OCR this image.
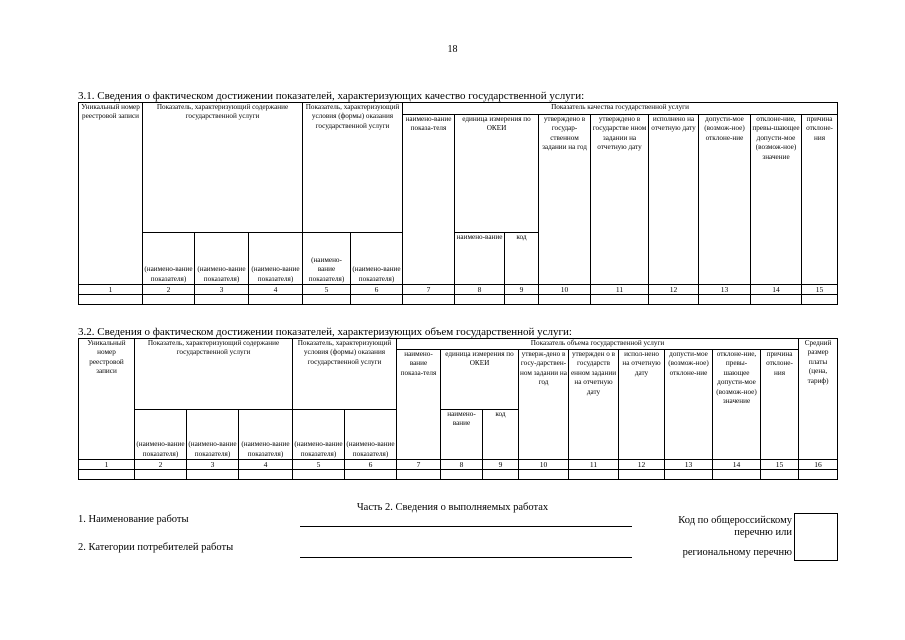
18
3.1. Сведения о фактическом достижении показателей, характеризующих качество государственной услуги:
Уникальный номер реестровой записи	Показатель, характеризующий содержание государственной услуги			Показатель, характеризующий условия (формы) оказания государственной услуги		Показатель качества государственной услуги								
						наимено-вание показа-теля	единица измерения по ОКЕИ		утверждено в государ-ственном задании на год	утверждено в государстве нном задании на отчетную дату	исполнено на отчетную дату	допусти-мое (возмож-ное) отклоне-ние	отклоне-ние, превы-шающее допусти-мое (возмож-ное) значение	причина отклоне-ния
	(наимено-вание показателя)	(наимено-вание показателя)	(наимено-вание показателя)	(наимено-вание показателя)	(наимено-вание показателя)		наимено-вание	код						
1	2	3	4	5	6	7	8	9	10	11	12	13	14	15

3.2. Сведения о фактическом достижении показателей, характеризующих объем государственной услуги:
Уникальный номер реестровой записи	Показатель, характеризующий содержание государственной услуги			Показатель, характеризующий условия (формы) оказания государственной услуги		Показатель объема государственной услуги									Средний размер платы (цена, тариф)
						наимено-вание показа-теля	единица измерения по ОКЕИ		утверж-дено в госу-дарствен-ном задании на год	утвержден о в государств енном задании на отчетную дату	испол-нено на отчетную дату	допусти-мое (возмож-ное) отклоне-ние	отклоне-ние, превы-шающее допусти-мое (возмож-ное) значение	причина отклоне-ния	
	(наимено-вание показателя)	(наимено-вание показателя)	(наимено-вание показателя)	(наимено-вание показателя)	(наимено-вание показателя)		наимено-вание	код							
1	2	3	4	5	6	7	8	9	10	11	12	13	14	15	16

Часть 2. Сведения о выполняемых работах
1. Наименование работы
2. Категории потребителей работы
Код по общероссийскому
перечню или
региональному перечню
